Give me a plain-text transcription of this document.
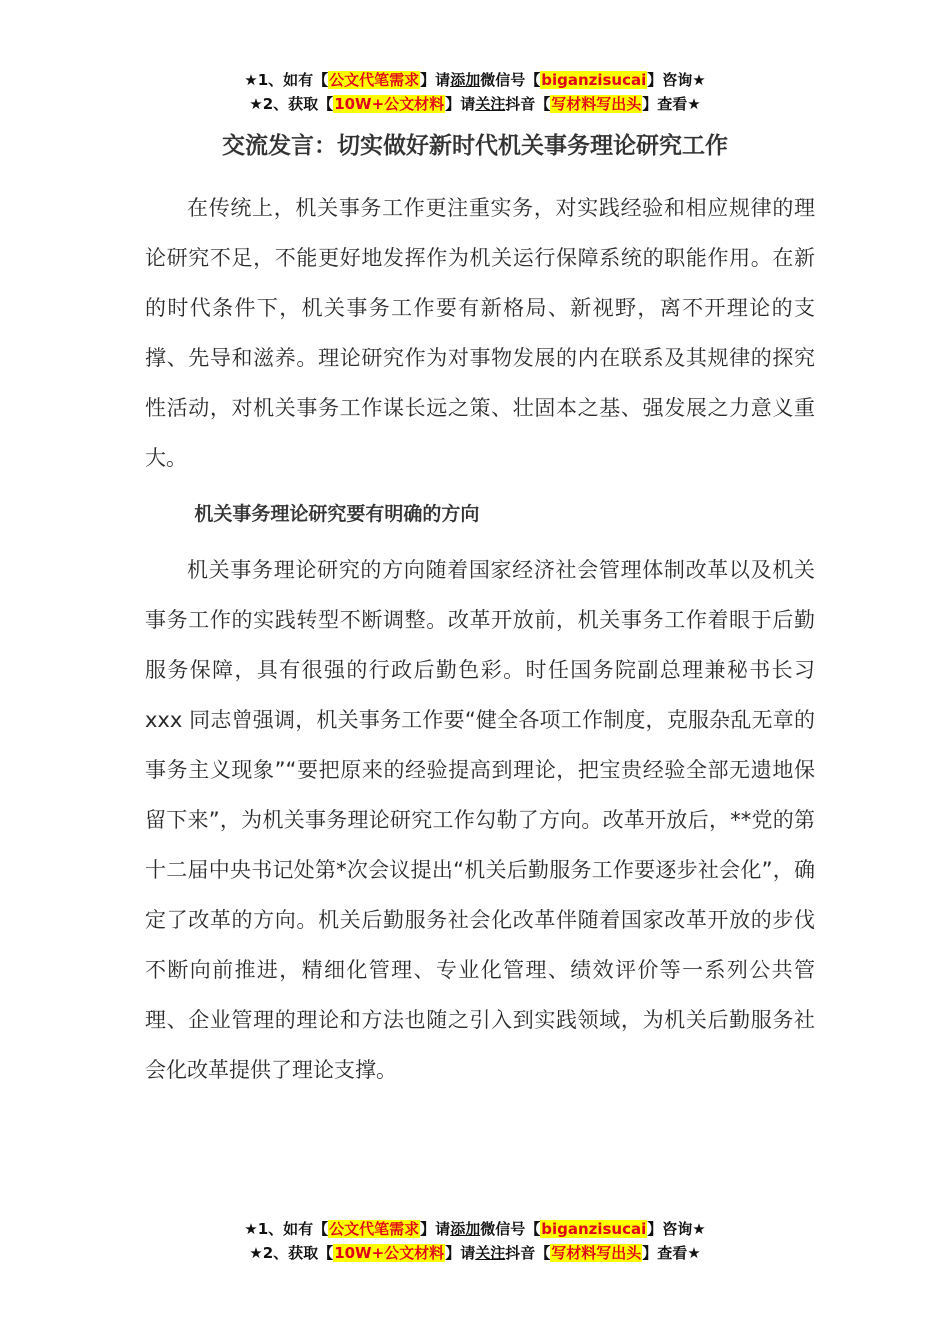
★1、如有【公文代笔需求】请添加微信号【biganzisucai】咨询★
★2、获取【10W+公文材料】请关注抖音【写材料写出头】查看★
交流发言：切实做好新时代机关事务理论研究工作

在传统上，机关事务工作更注重实务，对实践经验和相应规律的理论研究不足，不能更好地发挥作为机关运行保障系统的职能作用。在新的时代条件下，机关事务工作要有新格局、新视野，离不开理论的支撑、先导和滋养。理论研究作为对事物发展的内在联系及其规律的探究性活动，对机关事务工作谋长远之策、壮固本之基、强发展之力意义重大。

机关事务理论研究要有明确的方向

机关事务理论研究的方向随着国家经济社会管理体制改革以及机关事务工作的实践转型不断调整。改革开放前，机关事务工作着眼于后勤服务保障，具有很强的行政后勤色彩。时任国务院副总理兼秘书长习 xxx 同志曾强调，机关事务工作要“健全各项工作制度，克服杂乱无章的事务主义现象”“要把原来的经验提高到理论，把宝贵经验全部无遗地保留下来”，为机关事务理论研究工作勾勒了方向。改革开放后，**党的第十二届中央书记处第*次会议提出“机关后勤服务工作要逐步社会化”，确定了改革的方向。机关后勤服务社会化改革伴随着国家改革开放的步伐不断向前推进，精细化管理、专业化管理、绩效评价等一系列公共管理、企业管理的理论和方法也随之引入到实践领域，为机关后勤服务社会化改革提供了理论支撑。

★1、如有【公文代笔需求】请添加微信号【biganzisucai】咨询★
★2、获取【10W+公文材料】请关注抖音【写材料写出头】查看★
